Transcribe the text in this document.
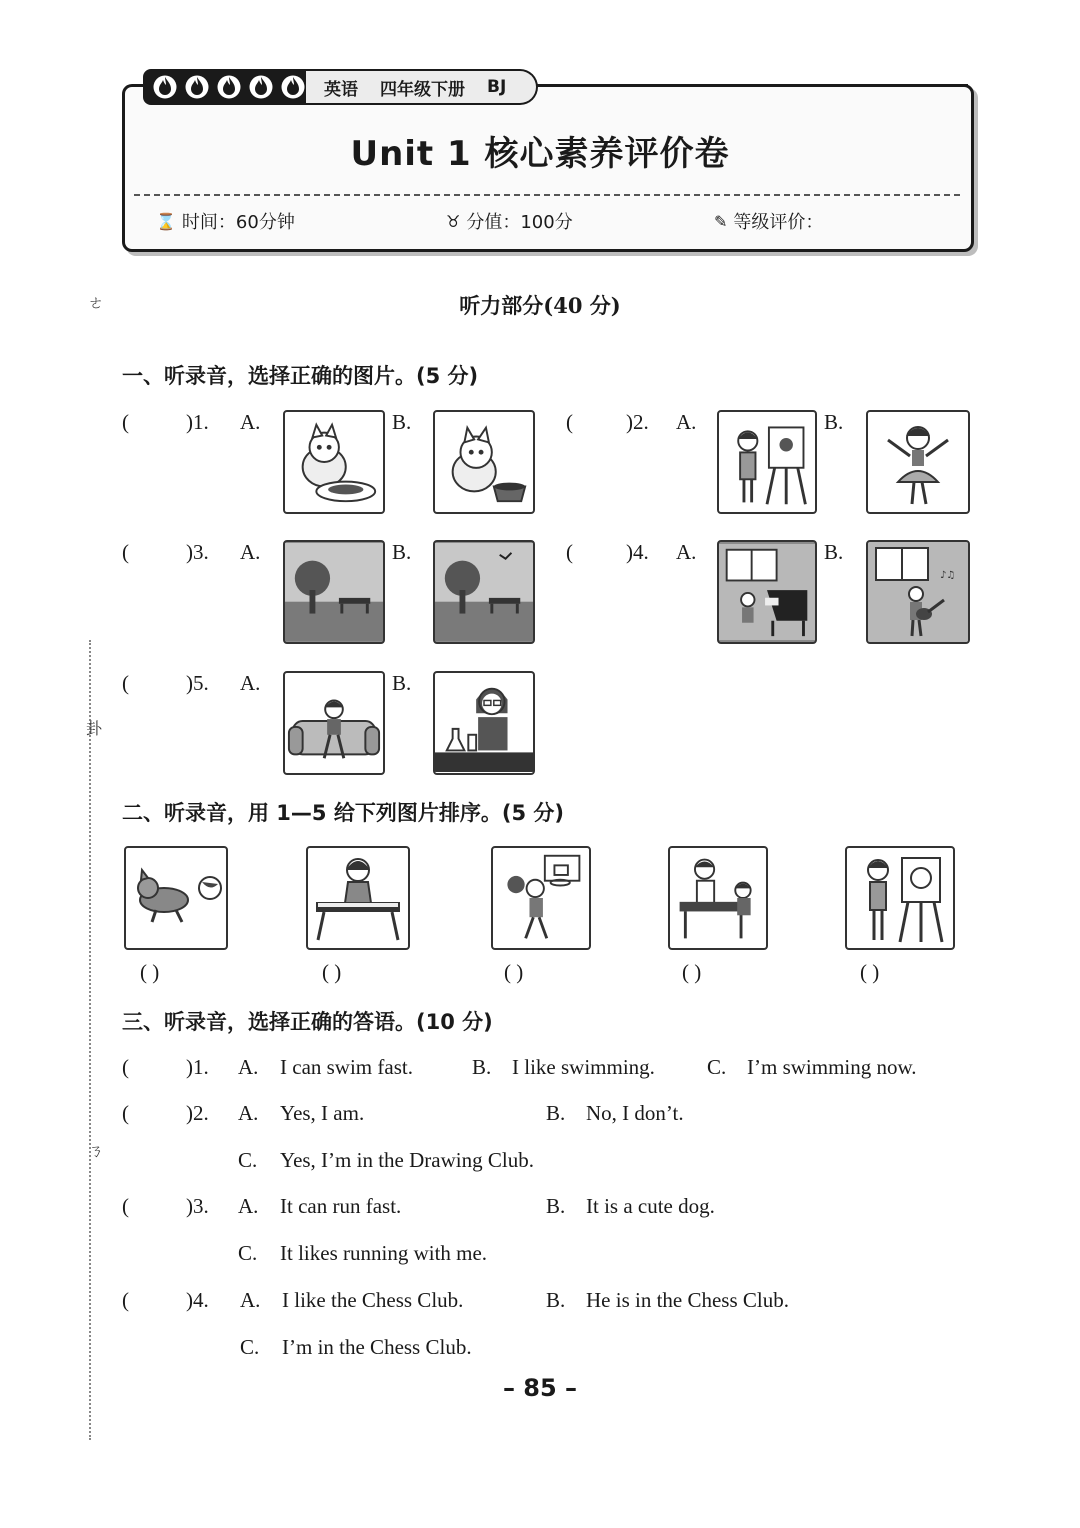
英语 四年级下册 BJ
Unit 1 核心素养评价卷
⌛ 时间：60分钟	♉ 分值：100分	✎ 等级评价：
ㄜ
卦
ㄋ
听力部分(40 分)
一、听录音，选择正确的图片。(5 分)
(	)1. A.	B.	(	)2. A.	B.
(	)3. A.	B.	(	)4. A.	B.
♪♫
(	)5. A.	B.
二、听录音，用 1—5 给下列图片排序。(5 分)
( )	( )	( )	( )	( )
三、听录音，选择正确的答语。(10 分)
(	)1. A. I can swim fast.	B. I like swimming. C. I’m swimming now.
(	)2. A. Yes, I am.	B. No, I don’t.
C. Yes, I’m in the Drawing Club.
(	)3. A. It can run fast.	B. It is a cute dog.
C. It likes running with me.
(	)4. A. I like the Chess Club.	B. He is in the Chess Club.
C. I’m in the Chess Club.
– 85 –
